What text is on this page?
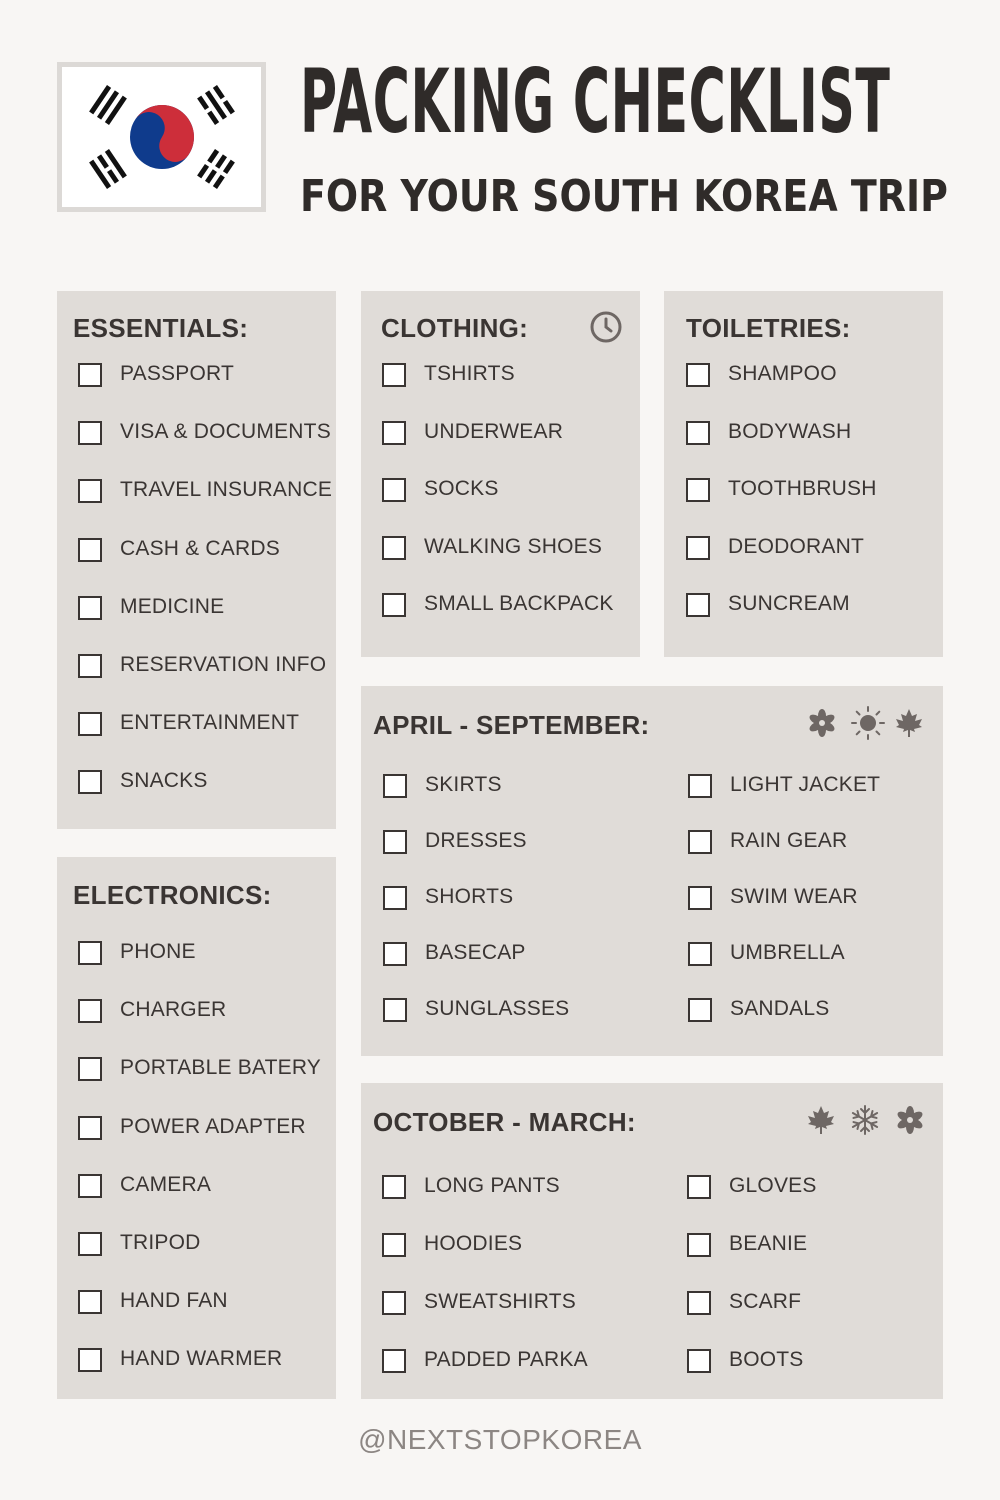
PACKING CHECKLIST
FOR YOUR SOUTH KOREA TRIP
ESSENTIALS:
PASSPORT
VISA & DOCUMENTS
TRAVEL INSURANCE
CASH & CARDS
MEDICINE
RESERVATION INFO
ENTERTAINMENT
SNACKS
CLOTHING:
TSHIRTS
UNDERWEAR
SOCKS
WALKING SHOES
SMALL BACKPACK
TOILETRIES:
SHAMPOO
BODYWASH
TOOTHBRUSH
DEODORANT
SUNCREAM
ELECTRONICS:
PHONE
CHARGER
PORTABLE BATERY
POWER ADAPTER
CAMERA
TRIPOD
HAND FAN
HAND WARMER
APRIL - SEPTEMBER:
SKIRTS
DRESSES
SHORTS
BASECAP
SUNGLASSES
LIGHT JACKET
RAIN GEAR
SWIM WEAR
UMBRELLA
SANDALS
OCTOBER - MARCH:
LONG PANTS
HOODIES
SWEATSHIRTS
PADDED PARKA
GLOVES
BEANIE
SCARF
BOOTS
@NEXTSTOPKOREA
